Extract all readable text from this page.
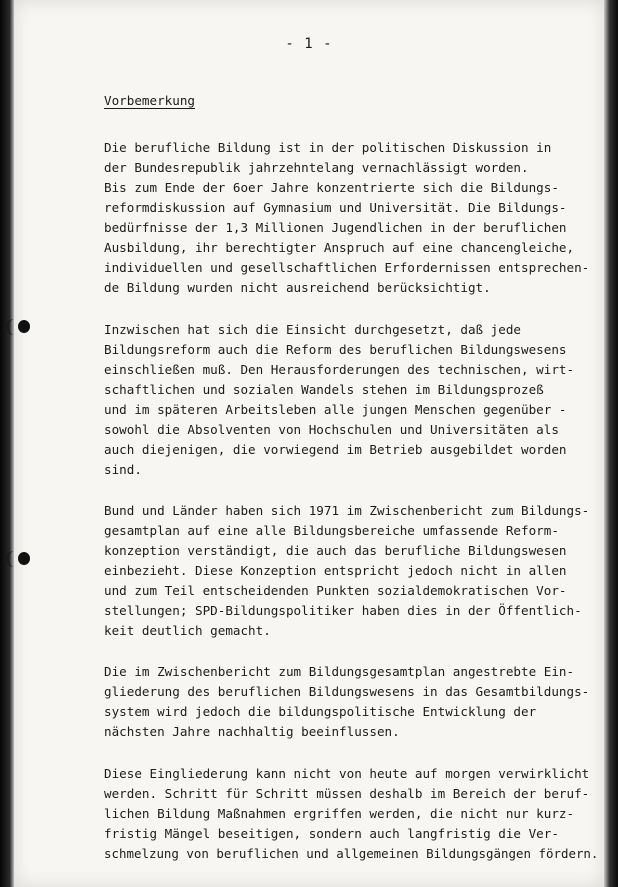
- 1 -
Vorbemerkung
Die berufliche Bildung ist in der politischen Diskussion in
der Bundesrepublik jahrzehntelang vernachlässigt worden.
Bis zum Ende der 6oer Jahre konzentrierte sich die Bildungs-
reformdiskussion auf Gymnasium und Universität. Die Bildungs-
bedürfnisse der 1,3 Millionen Jugendlichen in der beruflichen
Ausbildung, ihr berechtigter Anspruch auf eine chancengleiche,
individuellen und gesellschaftlichen Erfordernissen entsprechen-
de Bildung wurden nicht ausreichend berücksichtigt.
Inzwischen hat sich die Einsicht durchgesetzt, daß jede
Bildungsreform auch die Reform des beruflichen Bildungswesens
einschließen muß. Den Herausforderungen des technischen, wirt-
schaftlichen und sozialen Wandels stehen im Bildungsprozeß
und im späteren Arbeitsleben alle jungen Menschen gegenüber -
sowohl die Absolventen von Hochschulen und Universitäten als
auch diejenigen, die vorwiegend im Betrieb ausgebildet worden
sind.
Bund und Länder haben sich 1971 im Zwischenbericht zum Bildungs-
gesamtplan auf eine alle Bildungsbereiche umfassende Reform-
konzeption verständigt, die auch das berufliche Bildungswesen
einbezieht. Diese Konzeption entspricht jedoch nicht in allen
und zum Teil entscheidenden Punkten sozialdemokratischen Vor-
stellungen; SPD-Bildungspolitiker haben dies in der Öffentlich-
keit deutlich gemacht.
Die im Zwischenbericht zum Bildungsgesamtplan angestrebte Ein-
gliederung des beruflichen Bildungswesens in das Gesamtbildungs-
system wird jedoch die bildungspolitische Entwicklung der
nächsten Jahre nachhaltig beeinflussen.
Diese Eingliederung kann nicht von heute auf morgen verwirklicht
werden. Schritt für Schritt müssen deshalb im Bereich der beruf-
lichen Bildung Maßnahmen ergriffen werden, die nicht nur kurz-
fristig Mängel beseitigen, sondern auch langfristig die Ver-
schmelzung von beruflichen und allgemeinen Bildungsgängen fördern.
